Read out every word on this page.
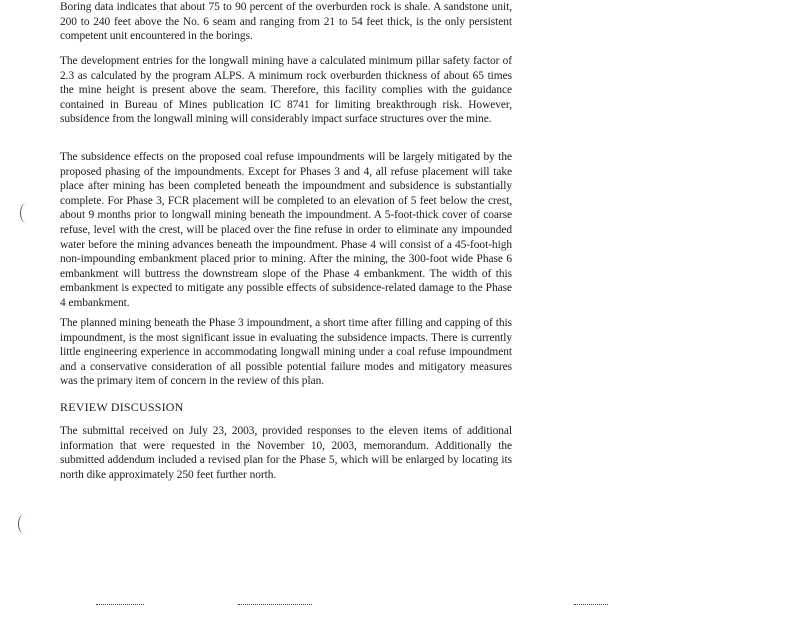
Boring data indicates that about 75 to 90 percent of the overburden rock is shale. A sandstone unit, 200 to 240 feet above the No. 6 seam and ranging from 21 to 54 feet thick, is the only persistent competent unit encountered in the borings.

The development entries for the longwall mining have a calculated minimum pillar safety factor of 2.3 as calculated by the program ALPS. A minimum rock overburden thickness of about 65 times the mine height is present above the seam. Therefore, this facility complies with the guidance contained in Bureau of Mines publication IC 8741 for limiting breakthrough risk. However, subsidence from the longwall mining will considerably impact surface structures over the mine.

The subsidence effects on the proposed coal refuse impoundments will be largely mitigated by the proposed phasing of the impoundments. Except for Phases 3 and 4, all refuse placement will take place after mining has been completed beneath the impoundment and subsidence is substantially complete. For Phase 3, FCR placement will be completed to an elevation of 5 feet below the crest, about 9 months prior to longwall mining beneath the impoundment. A 5-foot-thick cover of coarse refuse, level with the crest, will be placed over the fine refuse in order to eliminate any impounded water before the mining advances beneath the impoundment. Phase 4 will consist of a 45-foot-high non-impounding embankment placed prior to mining. After the mining, the 300-foot wide Phase 6 embankment will buttress the downstream slope of the Phase 4 embankment. The width of this embankment is expected to mitigate any possible effects of subsidence-related damage to the Phase 4 embankment.

The planned mining beneath the Phase 3 impoundment, a short time after filling and capping of this impoundment, is the most significant issue in evaluating the subsidence impacts. There is currently little engineering experience in accommodating longwall mining under a coal refuse impoundment and a conservative consideration of all possible potential failure modes and mitigatory measures was the primary item of concern in the review of this plan.

REVIEW DISCUSSION

The submittal received on July 23, 2003, provided responses to the eleven items of additional information that were requested in the November 10, 2003, memorandum. Additionally the submitted addendum included a revised plan for the Phase 5, which will be enlarged by locating its north dike approximately 250 feet further north.
